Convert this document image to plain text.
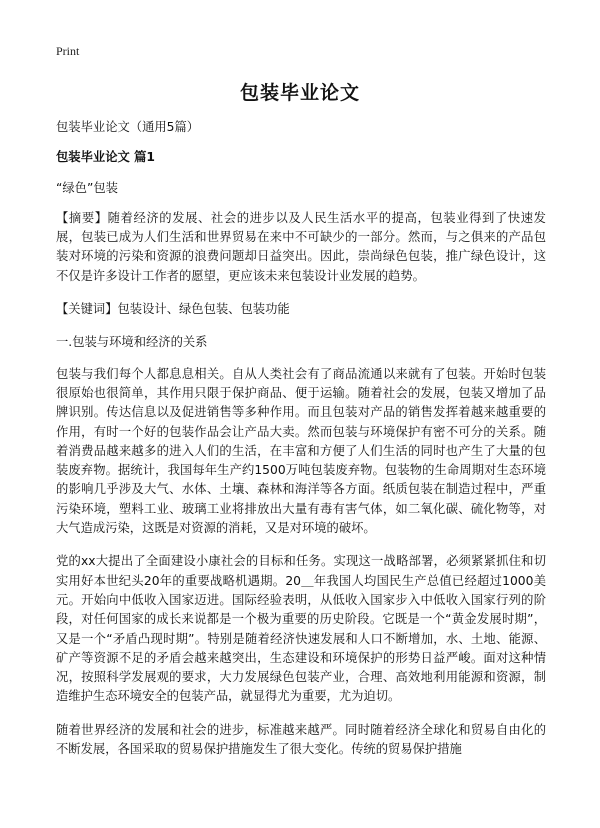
Print
包装毕业论文

包装毕业论文（通用5篇）

包装毕业论文 篇1

“绿色”包装

【摘要】随着经济的发展、社会的进步以及人民生活水平的提高，包装业得到了快速发展，包装已成为人们生活和世界贸易在来中不可缺少的一部分。然而，与之俱来的产品包装对环境的污染和资源的浪费问题却日益突出。因此，崇尚绿色包装，推广绿色设计，这不仅是许多设计工作者的愿望，更应该未来包装设计业发展的趋势。

【关键词】包装设计、绿色包装、包装功能

一.包装与环境和经济的关系

包装与我们每个人都息息相关。自从人类社会有了商品流通以来就有了包装。开始时包装很原始也很简单，其作用只限于保护商品、便于运输。随着社会的发展，包装又增加了品牌识别。传达信息以及促进销售等多种作用。而且包装对产品的销售发挥着越来越重要的作用，有时一个好的包装作品会让产品大卖。然而包装与环境保护有密不可分的关系。随着消费品越来越多的进入人们的生活，在丰富和方便了人们生活的同时也产生了大量的包装废弃物。据统计，我国每年生产约1500万吨包装废弃物。包装物的生命周期对生态环境的影响几乎涉及大气、水体、土壤、森林和海洋等各方面。纸质包装在制造过程中，严重污染环境，塑料工业、玻璃工业将排放出大量有毒有害气体，如二氧化碳、硫化物等，对大气造成污染，这既是对资源的消耗，又是对环境的破坏。

党的xx大提出了全面建设小康社会的目标和任务。实现这一战略部署，必须紧紧抓住和切实用好本世纪头20年的重要战略机遇期。20＿年我国人均国民生产总值已经超过1000美元。开始向中低收入国家迈进。国际经验表明，从低收入国家步入中低收入国家行列的阶段，对任何国家的成长来说都是一个极为重要的历史阶段。它既是一个“黄金发展时期”，又是一个“矛盾凸现时期”。特别是随着经济快速发展和人口不断增加，水、土地、能源、矿产等资源不足的矛盾会越来越突出，生态建设和环境保护的形势日益严峻。面对这种情况，按照科学发展观的要求，大力发展绿色包装产业，合理、高效地利用能源和资源，制造维护生态环境安全的包装产品，就显得尤为重要，尤为迫切。

随着世界经济的发展和社会的进步，标准越来越严。同时随着经济全球化和贸易自由化的不断发展，各国采取的贸易保护措施发生了很大变化。传统的贸易保护措施
